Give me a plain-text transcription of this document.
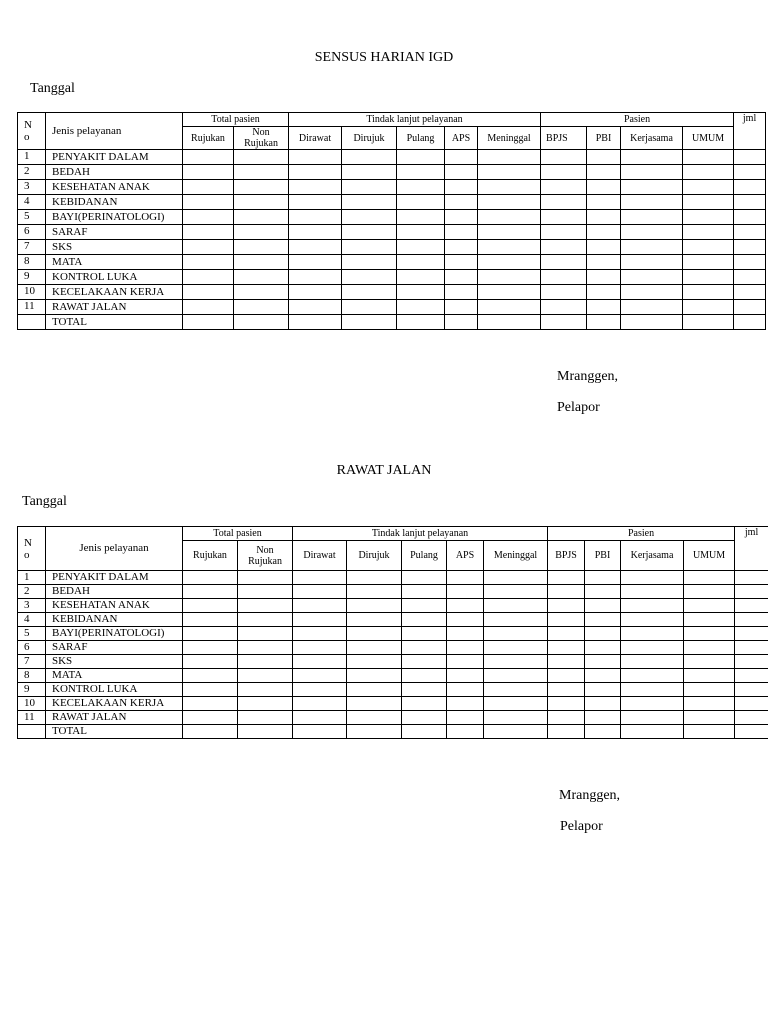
SENSUS HARIAN IGD
Tanggal
N
o	Jenis pelayanan	Total pasien		Tindak lanjut pelayanan					Pasien				jml
		Rujukan	Non
Rujukan	Dirawat	Dirujuk	Pulang	APS	Meninggal	BPJS	PBI	Kerjasama	UMUM	
1	PENYAKIT DALAM												
2	BEDAH												
3	KESEHATAN ANAK												
4	KEBIDANAN												
5	BAYI(PERINATOLOGI)												
6	SARAF												
7	SKS												
8	MATA												
9	KONTROL LUKA												
10	KECELAKAAN KERJA												
11	RAWAT JALAN												
	TOTAL												
Mranggen,
Pelapor
RAWAT JALAN
Tanggal
N
o	Jenis pelayanan	Total pasien		Tindak lanjut pelayanan					Pasien				jml
		Rujukan	Non
Rujukan	Dirawat	Dirujuk	Pulang	APS	Meninggal	BPJS	PBI	Kerjasama	UMUM	
1	PENYAKIT DALAM												
2	BEDAH												
3	KESEHATAN ANAK												
4	KEBIDANAN												
5	BAYI(PERINATOLOGI)												
6	SARAF												
7	SKS												
8	MATA												
9	KONTROL LUKA												
10	KECELAKAAN KERJA												
11	RAWAT JALAN												
	TOTAL												
Mranggen,
Pelapor
